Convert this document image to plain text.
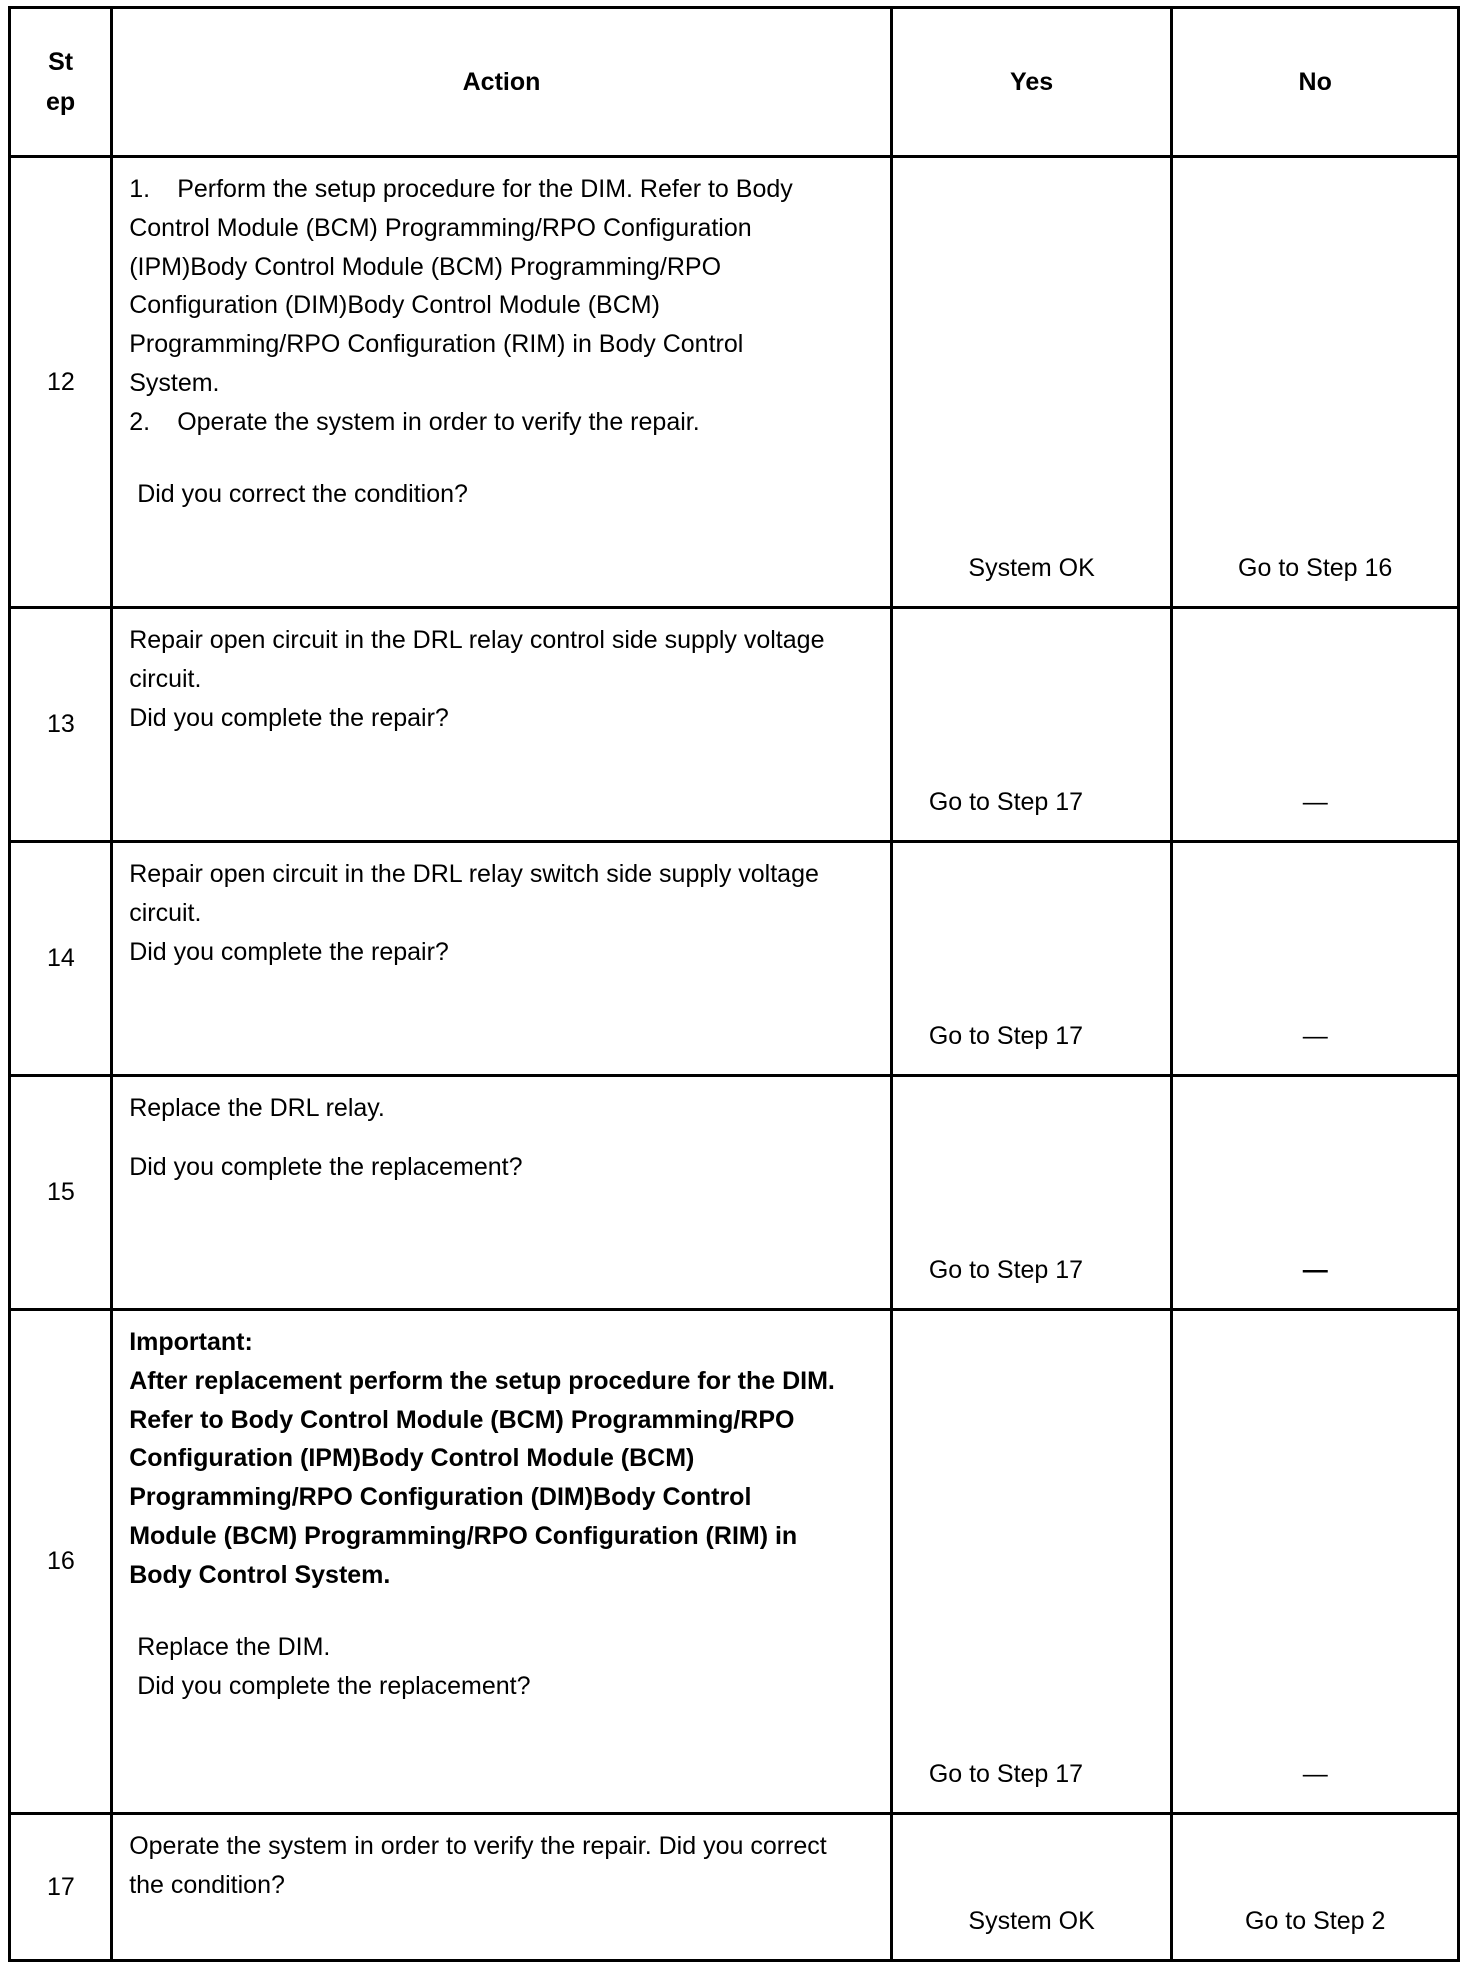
St
ep	Action	Yes	No
12	1. Perform the setup procedure for the DIM. Refer to Body Control Module (BCM) Programming/RPO Configuration (IPM)Body Control Module (BCM) Programming/RPO Configuration (DIM)Body Control Module (BCM) Programming/RPO Configuration (RIM) in Body Control System.
2. Operate the system in order to verify the repair.

Did you correct the condition?	System OK	Go to Step 16
13	Repair open circuit in the DRL relay control side supply voltage circuit.

Did you complete the repair?	Go to Step 17	—
14	Repair open circuit in the DRL relay switch side supply voltage circuit.

Did you complete the repair?	Go to Step 17	—
15	Replace the DRL relay.

Did you complete the replacement?	Go to Step 17	—
16	Important:

After replacement perform the setup procedure for the DIM. Refer to Body Control Module (BCM) Programming/RPO Configuration (IPM)Body Control Module (BCM) Programming/RPO Configuration (DIM)Body Control Module (BCM) Programming/RPO Configuration (RIM) in Body Control System.

Replace the DIM.

Did you complete the replacement?	Go to Step 17	—
17	Operate the system in order to verify the repair. Did you correct the condition?	System OK	Go to Step 2
